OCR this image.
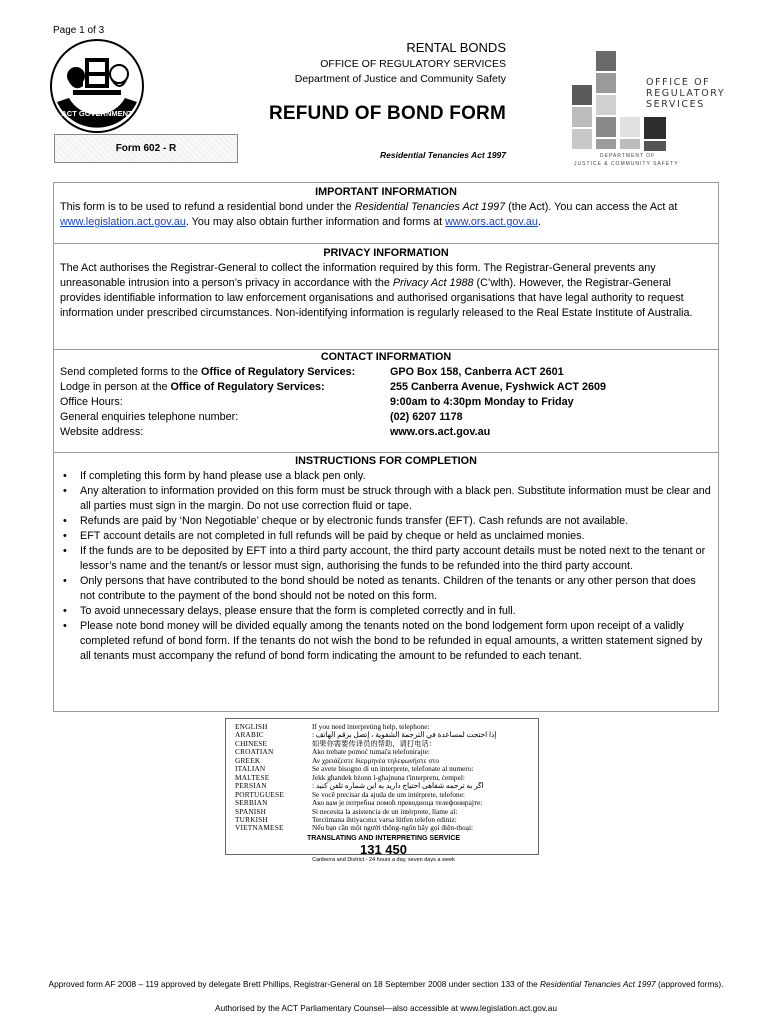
Page 1 of 3
ACT GOVERNMENT
RENTAL BONDS
OFFICE OF REGULATORY SERVICES
Department of Justice and Community Safety
REFUND OF BOND FORM
Residential Tenancies Act 1997
Form 602 - R
OFFICE OF
REGULATORY
SERVICES
DEPARTMENT OF
JUSTICE & COMMUNITY SAFETY
IMPORTANT INFORMATION
This form is to be used to refund a residential bond under the Residential Tenancies Act 1997 (the Act). You can access the Act at www.legislation.act.gov.au. You may also obtain further information and forms at www.ors.act.gov.au.
PRIVACY INFORMATION
The Act authorises the Registrar-General to collect the information required by this form. The Registrar-General prevents any unreasonable intrusion into a person’s privacy in accordance with the Privacy Act 1988 (C’wlth). However, the Registrar-General provides identifiable information to law enforcement organisations and authorised organisations that have legal authority to request information under prescribed circumstances. Non-identifying information is regularly released to the Real Estate Institute of Australia.
CONTACT INFORMATION
Send completed forms to the Office of Regulatory Services:	GPO Box 158, Canberra ACT 2601
Lodge in person at the Office of Regulatory Services:	255 Canberra Avenue, Fyshwick ACT 2609
Office Hours:	9:00am to 4:30pm Monday to Friday
General enquiries telephone number:	(02) 6207 1178
Website address:	www.ors.act.gov.au
INSTRUCTIONS FOR COMPLETION
• If completing this form by hand please use a black pen only.
• Any alteration to information provided on this form must be struck through with a black pen. Substitute information must be clear and all parties must sign in the margin. Do not use correction fluid or tape.
• Refunds are paid by ‘Non Negotiable’ cheque or by electronic funds transfer (EFT). Cash refunds are not available.
• EFT account details are not completed in full refunds will be paid by cheque or held as unclaimed monies.
• If the funds are to be deposited by EFT into a third party account, the third party account details must be noted next to the tenant or lessor’s name and the tenant/s or lessor must sign, authorising the funds to be refunded into the third party account.
• Only persons that have contributed to the bond should be noted as tenants. Children of the tenants or any other person that does not contribute to the payment of the bond should not be noted on this form.
• To avoid unnecessary delays, please ensure that the form is completed correctly and in full.
• Please note bond money will be divided equally among the tenants noted on the bond lodgement form upon receipt of a validly completed refund of bond form. If the tenants do not wish the bond to be refunded in equal amounts, a written statement signed by all tenants must accompany the refund of bond form indicating the amount to be refunded to each tenant.
ENGLISH	If you need interpreting help, telephone:
ARABIC	إذا احتجت لمساعدة في الترجمة الشفوية ، إتصل برقم الهاتف :
CHINESE	如果你需要传译员的帮助，请打电话：
CROATIAN	Ako trebate pomoć tumača telefonirajte:
GREEK	Αν χρειάζεστε διερμηνέα τηλεφωνήστε στο
ITALIAN	Se avete bisogno di un interprete, telefonate al numero:
MALTESE	Jekk għandek bżonn l-għajnuna t'interpretu, ċempel:
PERSIAN	اگر به ترجمه شفاهی احتیاج دارید به این شماره تلفن کنید :
PORTUGUESE	Se você precisar da ajuda de um intérprete, telefone:
SERBIAN	Ако вам је потребна помоћ преводиоца телефонирајте:
SPANISH	Si necesita la asistencia de un intérprete, llame al:
TURKISH	Tercümana ihtiyacınız varsa lütfen telefon ediniz:
VIETNAMESE	Nếu bạn cần một người thông-ngôn hãy gọi điện-thoại:
TRANSLATING AND INTERPRETING SERVICE
131 450
Canberra and District - 24 hours a day, seven days a week
Approved form AF 2008 – 119 approved by delegate Brett Phillips, Registrar-General on 18 September 2008 under section 133 of the Residential Tenancies Act 1997 (approved forms).
Authorised by the ACT Parliamentary Counsel—also accessible at www.legislation.act.gov.au
